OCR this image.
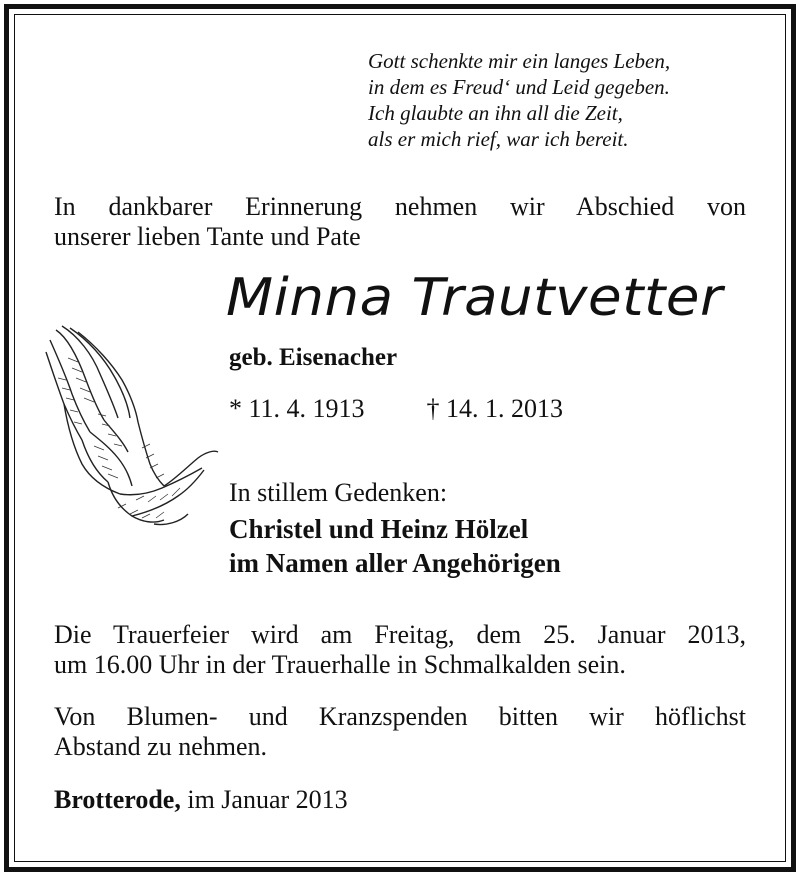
Gott schenkte mir ein langes Leben,
in dem es Freud‘ und Leid gegeben.
Ich glaubte an ihn all die Zeit,
als er mich rief, war ich bereit.
In dankbarer Erinnerung nehmen wir Abschied von
unserer lieben Tante und Pate
Minna Trautvetter
geb. Eisenacher
* 11. 4. 1913 † 14. 1. 2013
In stillem Gedenken:
Christel und Heinz Hölzel
im Namen aller Angehörigen
Die Trauerfeier wird am Freitag, dem 25. Januar 2013,
um 16.00 Uhr in der Trauerhalle in Schmalkalden sein.
Von Blumen- und Kranzspenden bitten wir höflichst
Abstand zu nehmen.
Brotterode, im Januar 2013
